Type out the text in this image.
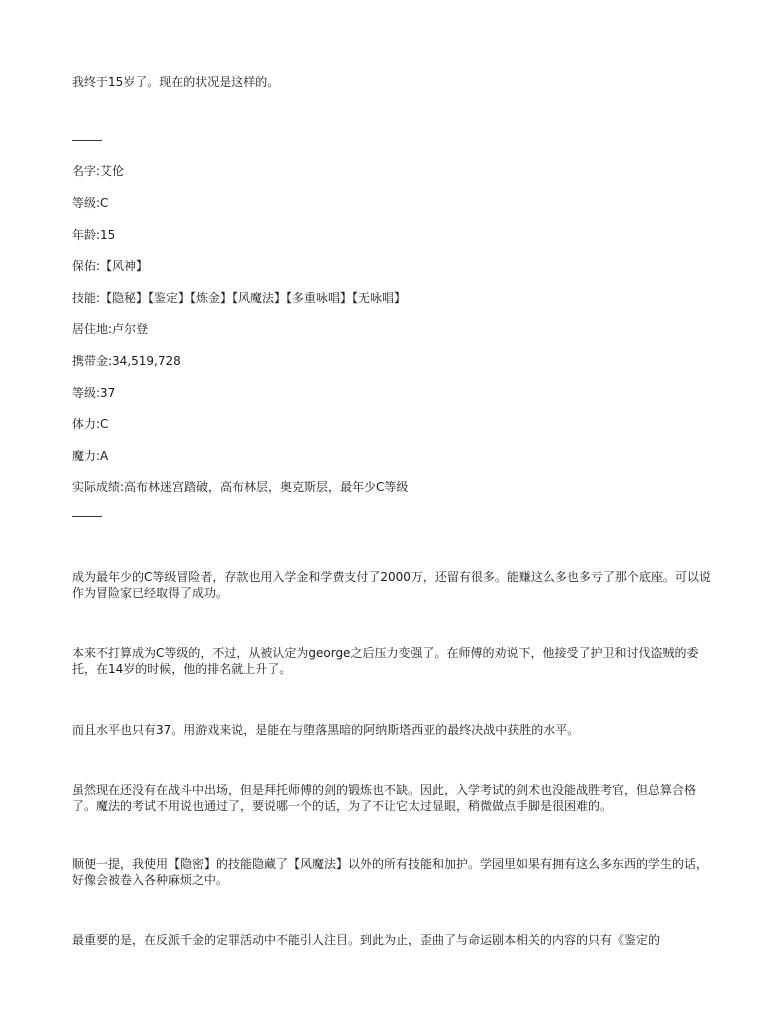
我终于15岁了。现在的状况是这样的。
名字:艾伦
等级:C
年龄:15
保佑:【风神】
技能:【隐秘】【鉴定】【炼金】【风魔法】【多重咏唱】【无咏唱】
居住地:卢尔登
携带金:34,519,728
等级:37
体力:C
魔力:A
实际成绩:高布林迷宫踏破，高布林层，奥克斯层，最年少C等级
成为最年少的C等级冒险者，存款也用入学金和学费支付了2000万，还留有很多。能赚这么多也多亏了那个底座。可以说作为冒险家已经取得了成功。
本来不打算成为C等级的，不过，从被认定为george之后压力变强了。在师傅的劝说下，他接受了护卫和讨伐盗贼的委托，在14岁的时候，他的排名就上升了。
而且水平也只有37。用游戏来说，是能在与堕落黑暗的阿纳斯塔西亚的最终决战中获胜的水平。
虽然现在还没有在战斗中出场，但是拜托师傅的剑的锻炼也不缺。因此，入学考试的剑术也没能战胜考官，但总算合格了。魔法的考试不用说也通过了，要说哪一个的话，为了不让它太过显眼，稍微做点手脚是很困难的。
顺便一提，我使用【隐密】的技能隐藏了【风魔法】以外的所有技能和加护。学园里如果有拥有这么多东西的学生的话，好像会被卷入各种麻烦之中。
最重要的是，在反派千金的定罪活动中不能引人注目。到此为止，歪曲了与命运剧本相关的内容的只有《鉴定的
